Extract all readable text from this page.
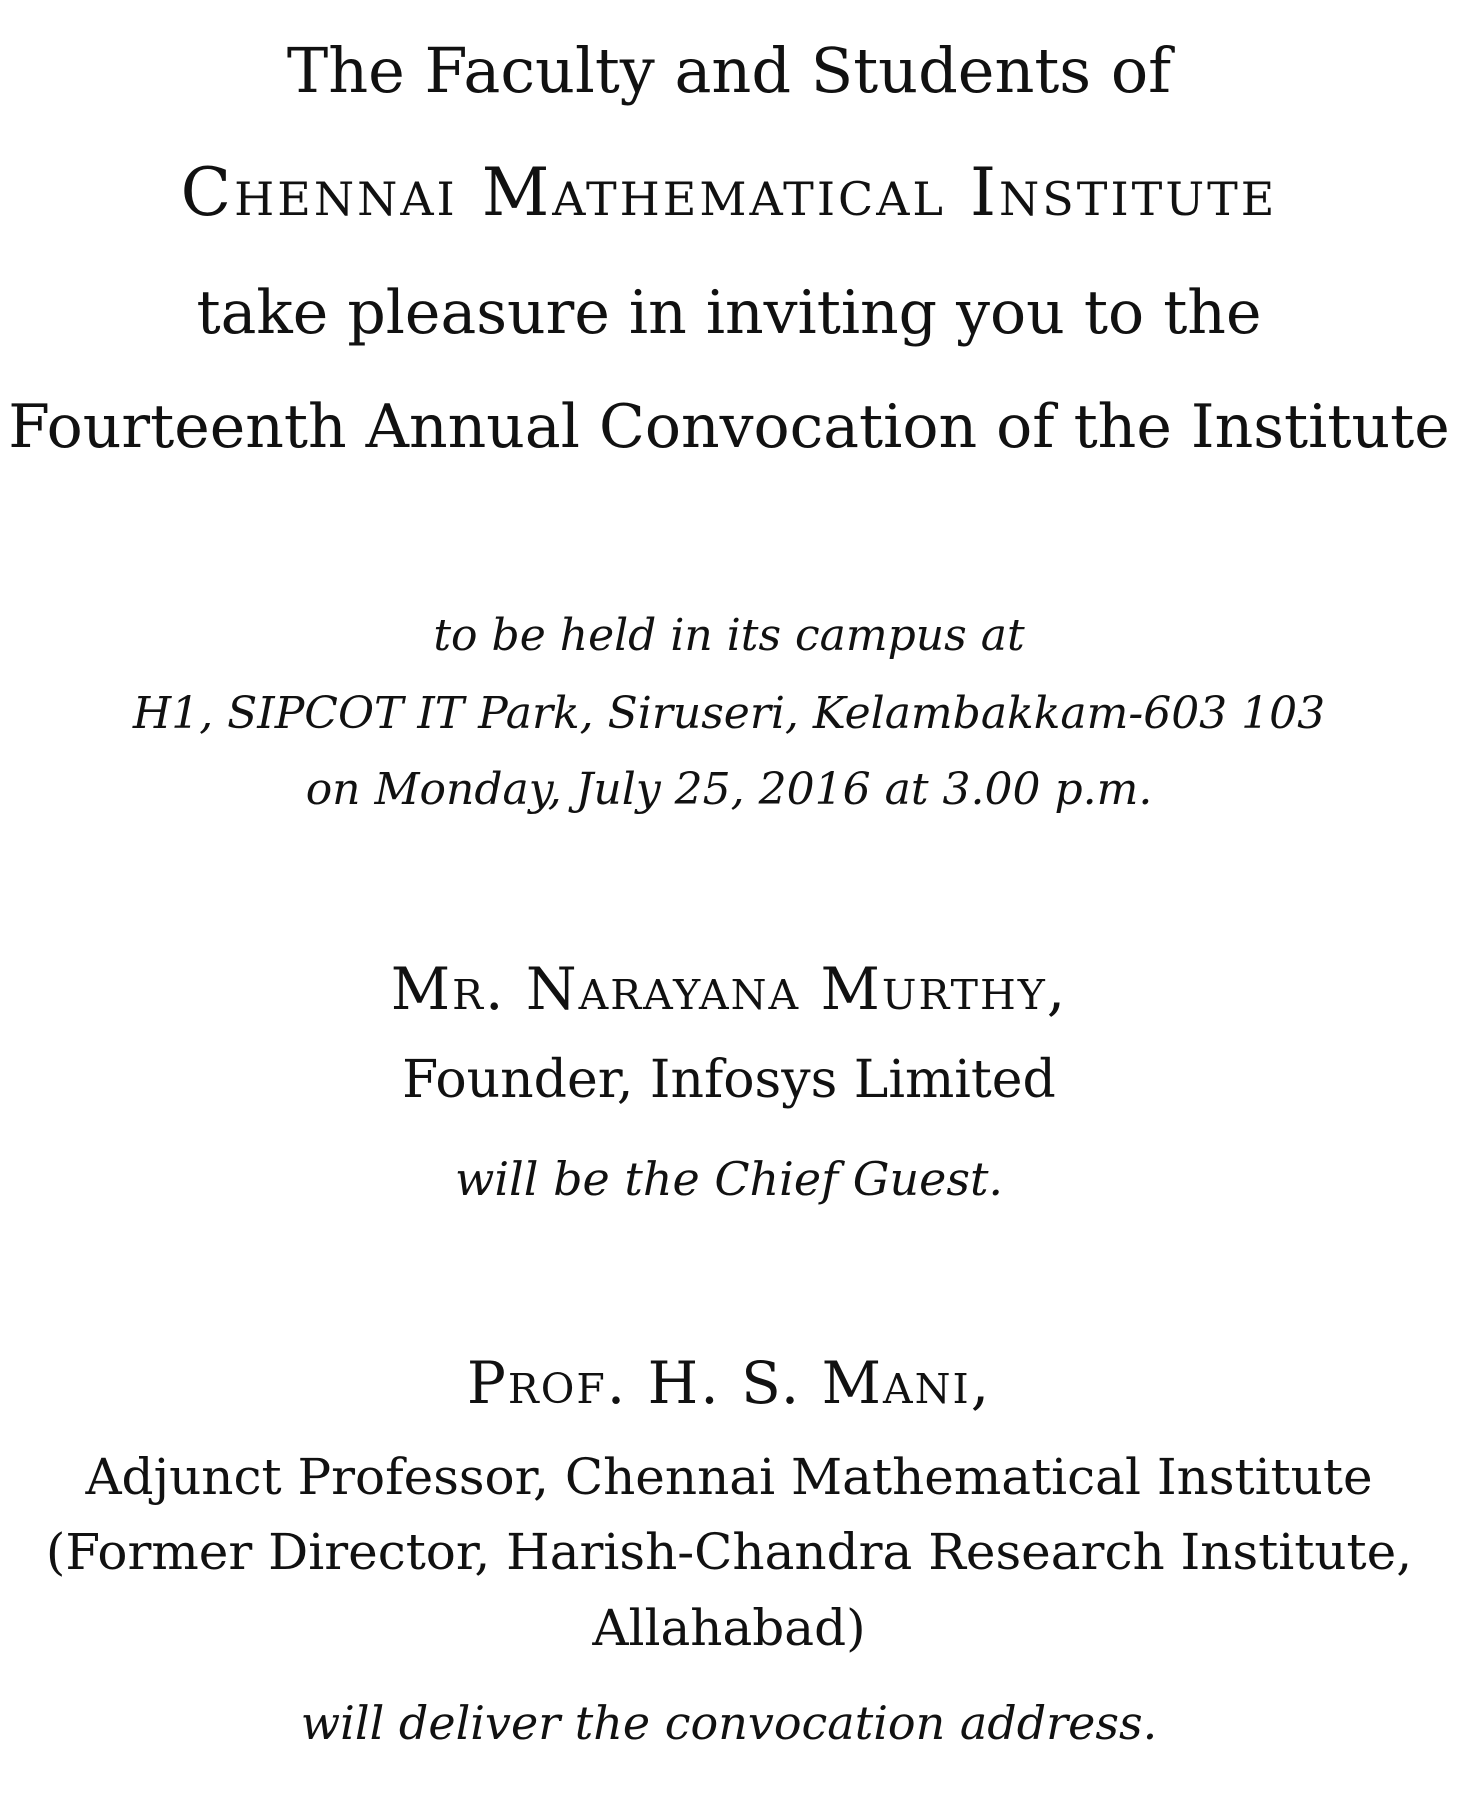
The Faculty and Students of
Chennai Mathematical Institute
take pleasure in inviting you to the
Fourteenth Annual Convocation of the Institute
to be held in its campus at
H1, SIPCOT IT Park, Siruseri, Kelambakkam-603 103
on Monday, July 25, 2016 at 3.00 p.m.
Mr. Narayana Murthy,
Founder, Infosys Limited
will be the Chief Guest.
Prof. H. S. Mani,
Adjunct Professor, Chennai Mathematical Institute
(Former Director, Harish-Chandra Research Institute,
Allahabad)
will deliver the convocation address.
